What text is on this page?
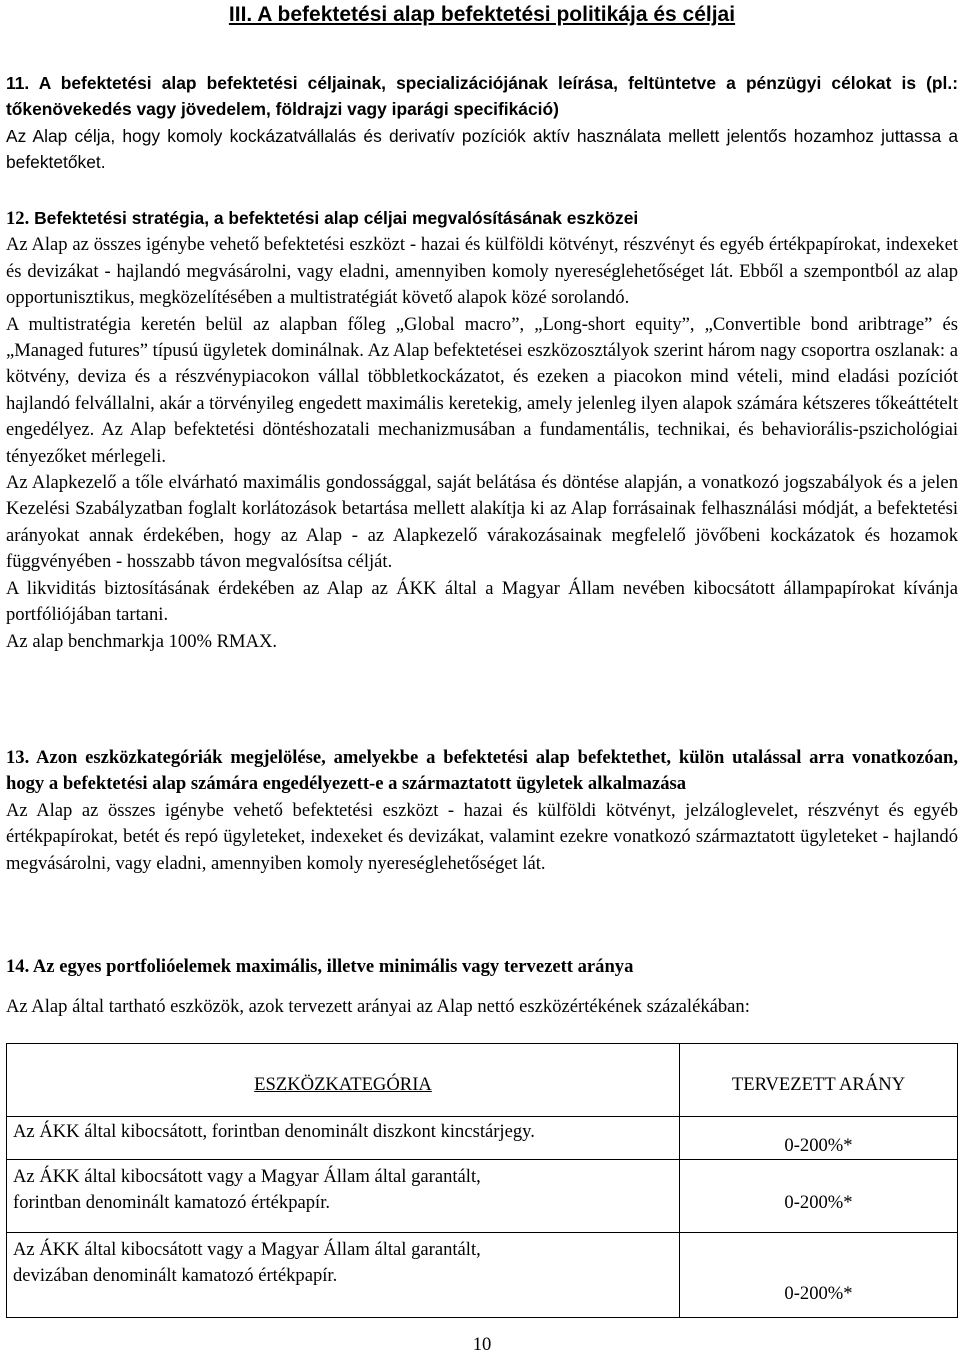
III. A befektetési alap befektetési politikája és céljai
11. A befektetési alap befektetési céljainak, specializációjának leírása, feltüntetve a pénzügyi célokat is (pl.: tőkenövekedés vagy jövedelem, földrajzi vagy iparági specifikáció)

Az Alap célja, hogy komoly kockázatvállalás és derivatív pozíciók aktív használata mellett jelentős hozamhoz juttassa a befektetőket.

12. Befektetési stratégia, a befektetési alap céljai megvalósításának eszközei

Az Alap az összes igénybe vehető befektetési eszközt - hazai és külföldi kötvényt, részvényt és egyéb értékpapírokat, indexeket és devizákat - hajlandó megvásárolni, vagy eladni, amennyiben komoly nyereséglehetőséget lát. Ebből a szempontból az alap opportunisztikus, megközelítésében a multistratégiát követő alapok közé sorolandó.

A multistratégia keretén belül az alapban főleg „Global macro”, „Long-short equity”, „Convertible bond aribtrage” és „Managed futures” típusú ügyletek dominálnak. Az Alap befektetései eszközosztályok szerint három nagy csoportra oszlanak: a kötvény, deviza és a részvénypiacokon vállal többletkockázatot, és ezeken a piacokon mind vételi, mind eladási pozíciót hajlandó felvállalni, akár a törvényileg engedett maximális keretekig, amely jelenleg ilyen alapok számára kétszeres tőkeáttételt engedélyez. Az Alap befektetési döntéshozatali mechanizmusában a fundamentális, technikai, és behaviorális-pszichológiai tényezőket mérlegeli.

Az Alapkezelő a tőle elvárható maximális gondossággal, saját belátása és döntése alapján, a vonatkozó jogszabályok és a jelen Kezelési Szabályzatban foglalt korlátozások betartása mellett alakítja ki az Alap forrásainak felhasználási módját, a befektetési arányokat annak érdekében, hogy az Alap - az Alapkezelő várakozásainak megfelelő jövőbeni kockázatok és hozamok függvényében - hosszabb távon megvalósítsa célját.

A likviditás biztosításának érdekében az Alap az ÁKK által a Magyar Állam nevében kibocsátott állampapírokat kívánja portfóliójában tartani.

Az alap benchmarkja 100% RMAX.

13. Azon eszközkategóriák megjelölése, amelyekbe a befektetési alap befektethet, külön utalással arra vonatkozóan, hogy a befektetési alap számára engedélyezett-e a származtatott ügyletek alkalmazása

Az Alap az összes igénybe vehető befektetési eszközt - hazai és külföldi kötvényt, jelzáloglevelet, részvényt és egyéb értékpapírokat, betét és repó ügyleteket, indexeket és devizákat, valamint ezekre vonatkozó származtatott ügyleteket - hajlandó megvásárolni, vagy eladni, amennyiben komoly nyereséglehetőséget lát.

14. Az egyes portfolióelemek maximális, illetve minimális vagy tervezett aránya

Az Alap által tartható eszközök, azok tervezett arányai az Alap nettó eszközértékének százalékában:

ESZKÖZKATEGÓRIA	TERVEZETT ARÁNY
Az ÁKK által kibocsátott, forintban denominált diszkont kincstárjegy.	0-200%*
Az ÁKK által kibocsátott vagy a Magyar Állam által garantált,
forintban denominált kamatozó értékpapír.	0-200%*
Az ÁKK által kibocsátott vagy a Magyar Állam által garantált,
devizában denominált kamatozó értékpapír.	0-200%*
10
